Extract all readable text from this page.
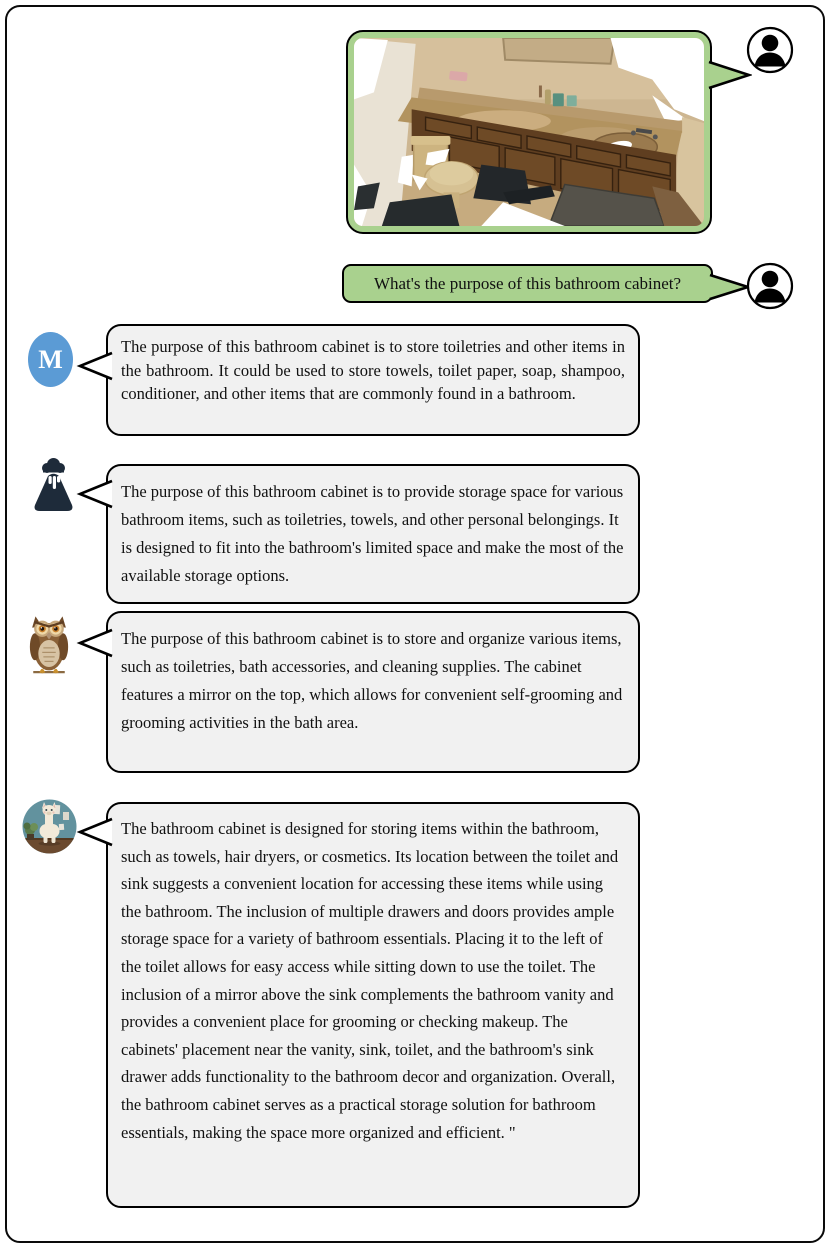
What's the purpose of this bathroom cabinet?
M	The purpose of this bathroom cabinet is to store toiletries and other items in the bathroom. It could be used to store towels, toilet paper, soap, shampoo, conditioner, and other items that are commonly found in a bathroom.
The purpose of this bathroom cabinet is to provide storage space for various bathroom items, such as toiletries, towels, and other personal belongings. It is designed to fit into the bathroom's limited space and make the most of the available storage options.
The purpose of this bathroom cabinet is to store and organize various items, such as toiletries, bath accessories, and cleaning supplies. The cabinet features a mirror on the top, which allows for convenient self-grooming and grooming activities in the bath area.
The bathroom cabinet is designed for storing items within the bathroom, such as towels, hair dryers, or cosmetics. Its location between the toilet and sink suggests a convenient location for accessing these items while using the bathroom. The inclusion of multiple drawers and doors provides ample storage space for a variety of bathroom essentials. Placing it to the left of the toilet allows for easy access while sitting down to use the toilet. The inclusion of a mirror above the sink complements the bathroom vanity and provides a convenient place for grooming or checking makeup. The cabinets' placement near the vanity, sink, toilet, and the bathroom's sink drawer adds functionality to the bathroom decor and organization. Overall, the bathroom cabinet serves as a practical storage solution for bathroom essentials, making the space more organized and efficient. "
